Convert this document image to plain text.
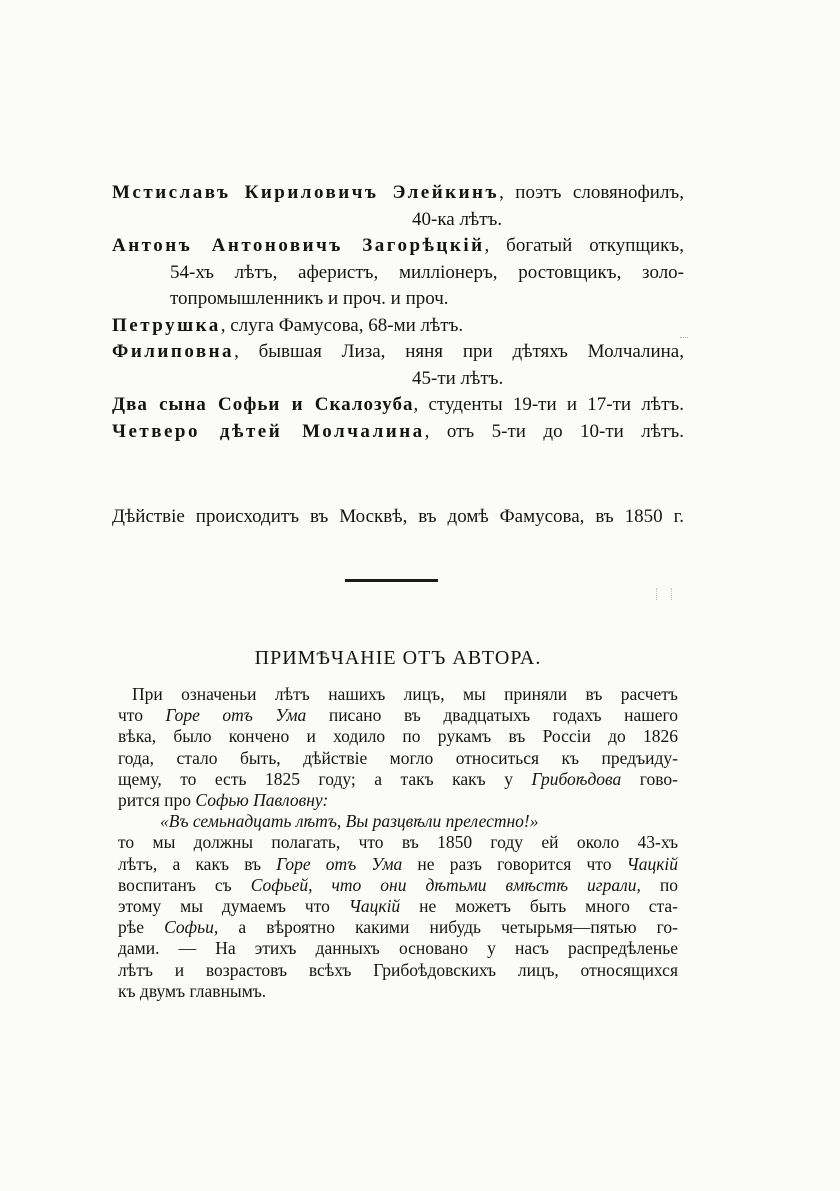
Мстиславъ Кириловичъ Элейкинъ, поэтъ словянофилъ,
40-ка лѣтъ.

Антонъ Антоновичъ Загорѣцкій, богатый откупщикъ,
54-хъ лѣтъ, аферистъ, милліонеръ, ростовщикъ, золо-
топромышленникъ и проч. и проч.

Петрушка, слуга Фамусова, 68-ми лѣтъ.

Филиповна, бывшая Лиза, няня при дѣтяхъ Молчалина,
45-ти лѣтъ.

Два сына Софьи и Скалозуба, студенты 19-ти и 17-ти лѣтъ.

Четверо дѣтей Молчалина, отъ 5-ти до 10-ти лѣтъ.

Дѣйствіе происходитъ въ Москвѣ, въ домѣ Фамусова, въ 1850 г.
ПРИМѢЧАНІЕ ОТЪ АВТОРА.
При означеньи лѣтъ нашихъ лицъ, мы приняли въ расчетъ
что Горе отъ Ума писано въ двадцатыхъ годахъ нашего
вѣка, было кончено и ходило по рукамъ въ Россіи до 1826
года, стало быть, дѣйствіе могло относиться къ предъиду-
щему, то есть 1825 году; а такъ какъ у Грибоѣдова гово-
рится про Софью Павловну:
«Въ семьнадцать лѣтъ, Вы разцвѣли прелестно!»
то мы должны полагать, что въ 1850 году ей около 43-хъ
лѣтъ, а какъ въ Горе отъ Ума не разъ говорится что Чацкій
воспитанъ съ Софьей, что они дѣтьми вмѣстѣ играли, по
этому мы думаемъ что Чацкій не можетъ быть много ста-
рѣе Софьи, а вѣроятно какими нибудь четырьмя—пятью го-
дами. — На этихъ данныхъ основано у насъ распредѣленье
лѣтъ и возрастовъ всѣхъ Грибоѣдовскихъ лицъ, относящихся
къ двумъ главнымъ.
